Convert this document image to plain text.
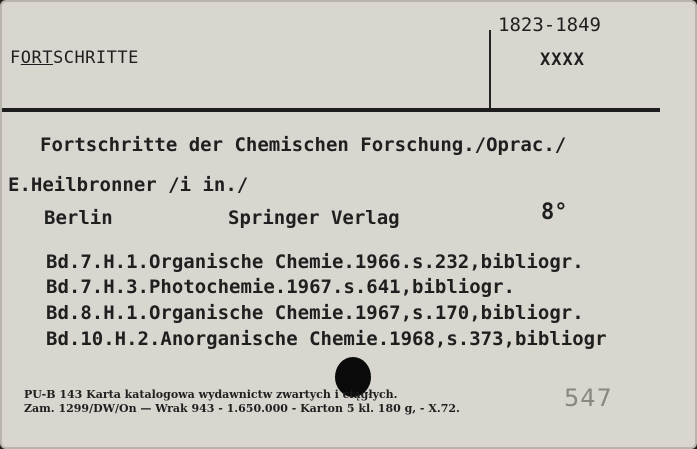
FORTSCHRITTE
1823-1849
XXXX
Fortschritte der Chemischen Forschung./Oprac./
E.Heilbronner /i in./
Berlin	Springer Verlag	8°
Bd.7.H.1.Organische Chemie.1966.s.232,bibliogr.
Bd.7.H.3.Photochemie.1967.s.641,bibliogr.
Bd.8.H.1.Organische Chemie.1967,s.170,bibliogr.
Bd.10.H.2.Anorganische Chemie.1968,s.373,bibliogr
PU-B 143 Karta katalogowa wydawnictw zwartych i ciągłych.
Zam. 1299/DW/On — Wrak 943 - 1.650.000 - Karton 5 kl. 180 g, - X.72.	547
